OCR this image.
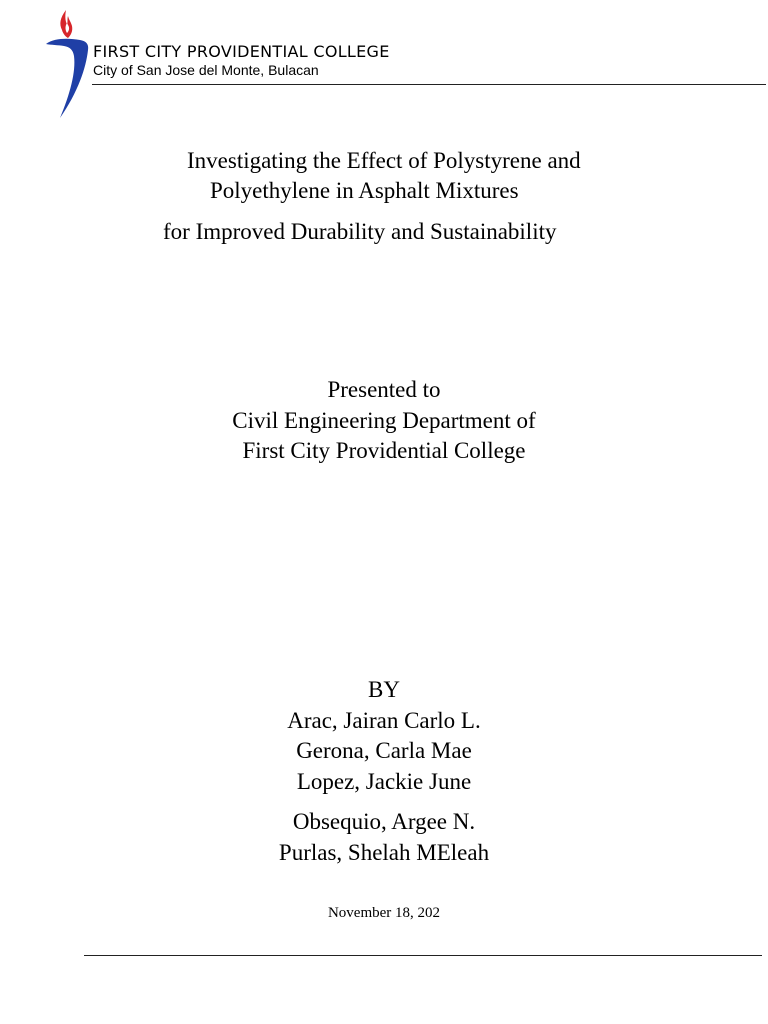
FIRST CITY PROVIDENTIAL COLLEGE
City of San Jose del Monte, Bulacan
Investigating the Effect of Polystyrene and
Polyethylene in Asphalt Mixtures
for Improved Durability and Sustainability
Presented to
Civil Engineering Department of
First City Providential College
BY
Arac, Jairan Carlo L.
Gerona, Carla Mae
Lopez, Jackie June
Obsequio, Argee N.
Purlas, Shelah MEleah
November 18, 202
